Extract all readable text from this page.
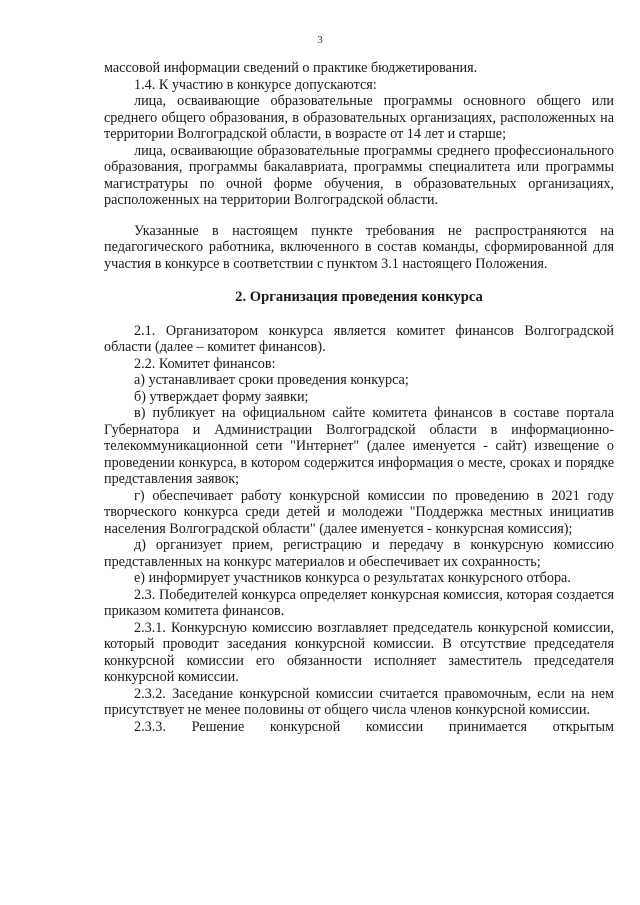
3

массовой информации сведений о практике бюджетирования.

1.4. К участию в конкурсе допускаются:

лица, осваивающие образовательные программы основного общего или среднего общего образования, в образовательных организациях, расположенных на территории Волгоградской области, в возрасте от 14 лет и старше;

лица, осваивающие образовательные программы среднего профессионального образования, программы бакалавриата, программы специалитета или программы магистратуры по очной форме обучения, в образовательных организациях, расположенных на территории Волгоградской области.

Указанные в настоящем пункте требования не распространяются на педагогического работника, включенного в состав команды, сформированной для участия в конкурсе в соответствии с пунктом 3.1 настоящего Положения.

2. Организация проведения конкурса

2.1. Организатором конкурса является комитет финансов Волгоградской области (далее – комитет финансов).

2.2. Комитет финансов:

а) устанавливает сроки проведения конкурса;

б) утверждает форму заявки;

в) публикует на официальном сайте комитета финансов в составе портала Губернатора и Администрации Волгоградской области в информационно-телекоммуникационной сети "Интернет" (далее именуется - сайт) извещение о проведении конкурса, в котором содержится информация о месте, сроках и порядке представления заявок;

г) обеспечивает работу конкурсной комиссии по проведению в 2021 году творческого конкурса среди детей и молодежи "Поддержка местных инициатив населения Волгоградской области" (далее именуется - конкурсная комиссия);

д) организует прием, регистрацию и передачу в конкурсную комиссию представленных на конкурс материалов и обеспечивает их сохранность;

е) информирует участников конкурса о результатах конкурсного отбора.

2.3. Победителей конкурса определяет конкурсная комиссия, которая создается приказом комитета финансов.

2.3.1. Конкурсную комиссию возглавляет председатель конкурсной комиссии, который проводит заседания конкурсной комиссии. В отсутствие председателя конкурсной комиссии его обязанности исполняет заместитель председателя конкурсной комиссии.

2.3.2. Заседание конкурсной комиссии считается правомочным, если на нем присутствует не менее половины от общего числа членов конкурсной комиссии.

2.3.3. Решение конкурсной комиссии принимается открытым
